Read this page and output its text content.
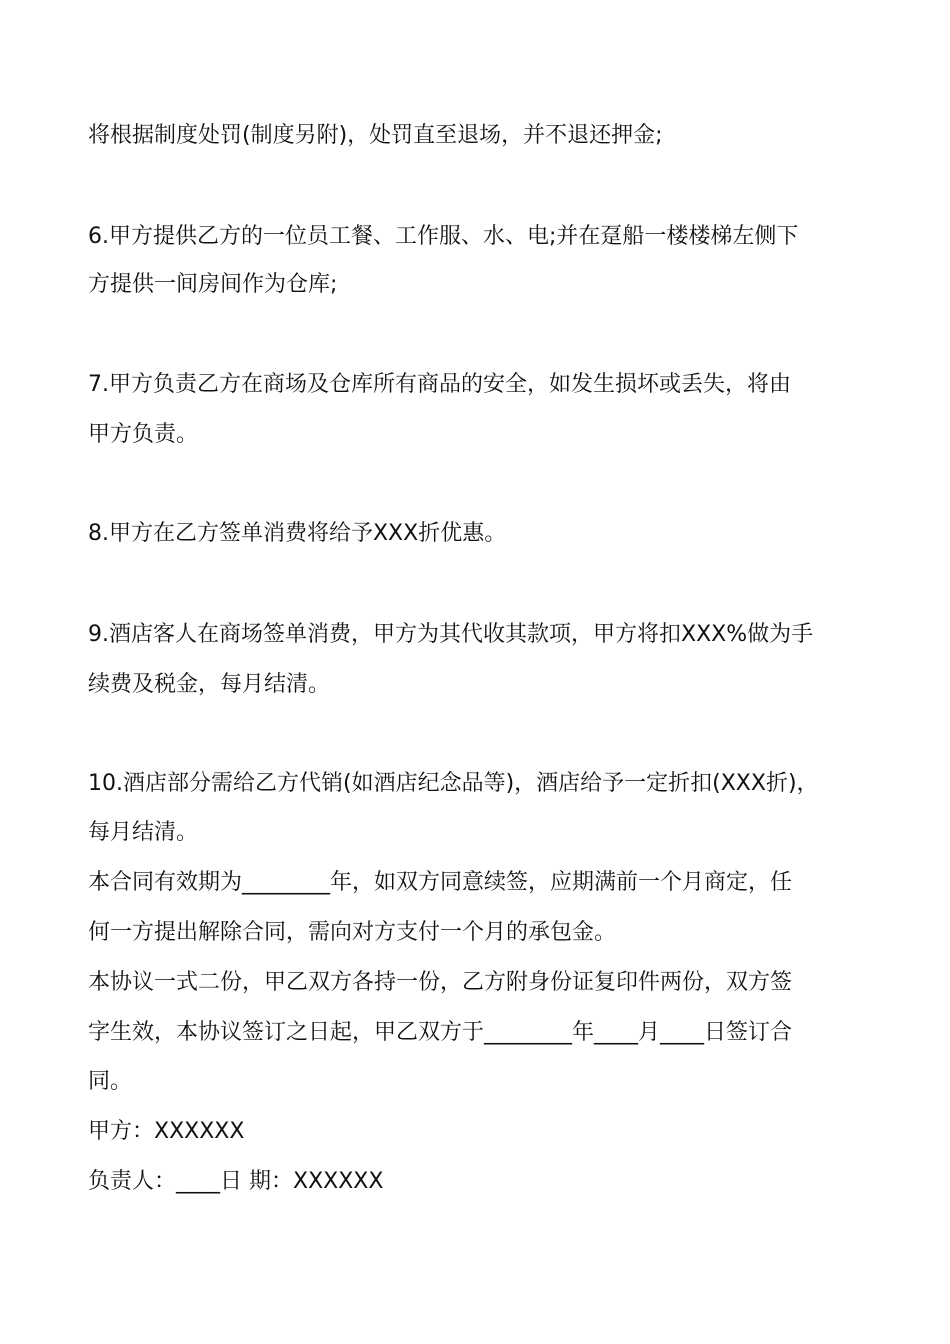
将根据制度处罚(制度另附)，处罚直至退场，并不退还押金;
6.甲方提供乙方的一位员工餐、工作服、水、电;并在趸船一楼楼梯左侧下
方提供一间房间作为仓库;
7.甲方负责乙方在商场及仓库所有商品的安全，如发生损坏或丢失，将由
甲方负责。
8.甲方在乙方签单消费将给予XXX折优惠。
9.酒店客人在商场签单消费，甲方为其代收其款项，甲方将扣XXX%做为手
续费及税金，每月结清。
10.酒店部分需给乙方代销(如酒店纪念品等)，酒店给予一定折扣(XXX折)，
每月结清。
本合同有效期为________年，如双方同意续签，应期满前一个月商定，任
何一方提出解除合同，需向对方支付一个月的承包金。
本协议一式二份，甲乙双方各持一份，乙方附身份证复印件两份，双方签
字生效，本协议签订之日起，甲乙双方于________年____月____日签订合
同。
甲方：XXXXXX
负责人：____日 期：XXXXXX
